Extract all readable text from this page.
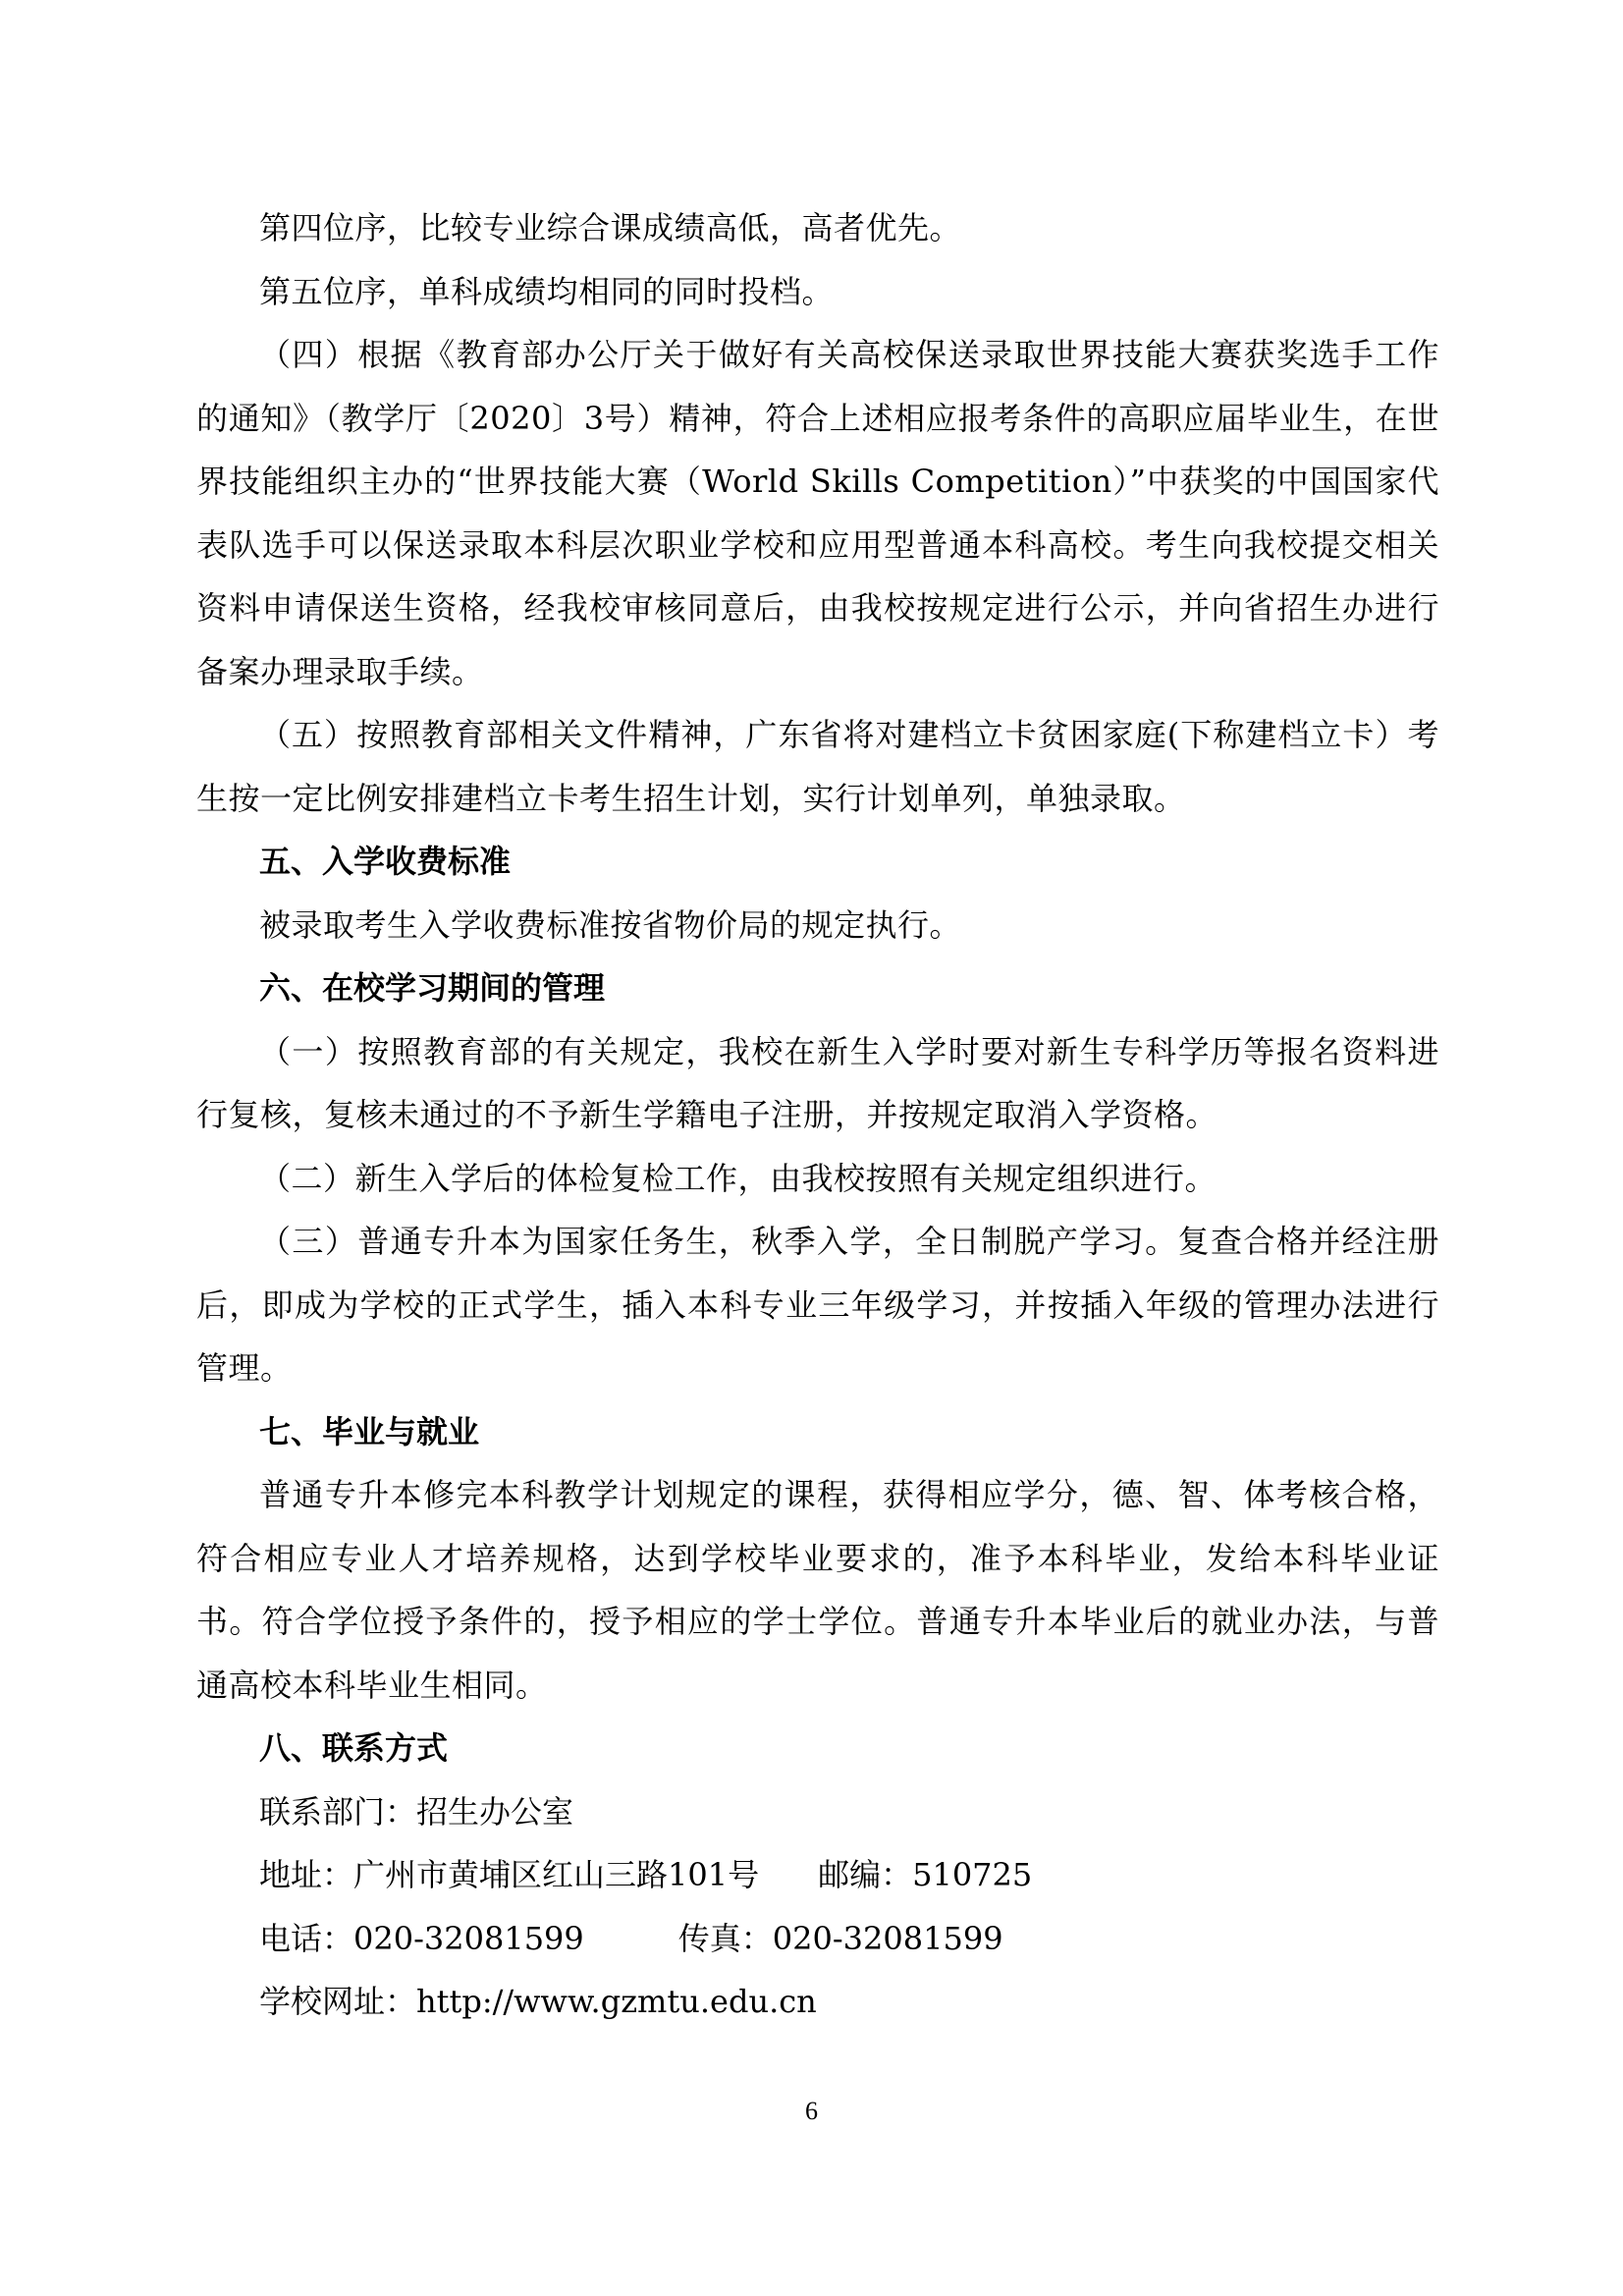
第四位序，比较专业综合课成绩高低，高者优先。

第五位序，单科成绩均相同的同时投档。

（四）根据《教育部办公厅关于做好有关高校保送录取世界技能大赛获奖选手工作的通知》（教学厅〔2020〕3号）精神，符合上述相应报考条件的高职应届毕业生，在世界技能组织主办的“世界技能大赛（World Skills Competition）”中获奖的中国国家代表队选手可以保送录取本科层次职业学校和应用型普通本科高校。考生向我校提交相关资料申请保送生资格，经我校审核同意后，由我校按规定进行公示，并向省招生办进行备案办理录取手续。

（五）按照教育部相关文件精神，广东省将对建档立卡贫困家庭(下称建档立卡）考生按一定比例安排建档立卡考生招生计划，实行计划单列，单独录取。

五、入学收费标准

被录取考生入学收费标准按省物价局的规定执行。

六、在校学习期间的管理

（一）按照教育部的有关规定，我校在新生入学时要对新生专科学历等报名资料进行复核，复核未通过的不予新生学籍电子注册，并按规定取消入学资格。

（二）新生入学后的体检复检工作，由我校按照有关规定组织进行。

（三）普通专升本为国家任务生，秋季入学，全日制脱产学习。复查合格并经注册后，即成为学校的正式学生，插入本科专业三年级学习，并按插入年级的管理办法进行管理。

七、毕业与就业

普通专升本修完本科教学计划规定的课程，获得相应学分，德、智、体考核合格，符合相应专业人才培养规格，达到学校毕业要求的，准予本科毕业，发给本科毕业证书。符合学位授予条件的，授予相应的学士学位。普通专升本毕业后的就业办法，与普通高校本科毕业生相同。

八、联系方式

联系部门：招生办公室

地址：广州市黄埔区红山三路101号 邮编：510725

电话：020-32081599	传真：020-32081599

学校网址：http://www.gzmtu.edu.cn

6
